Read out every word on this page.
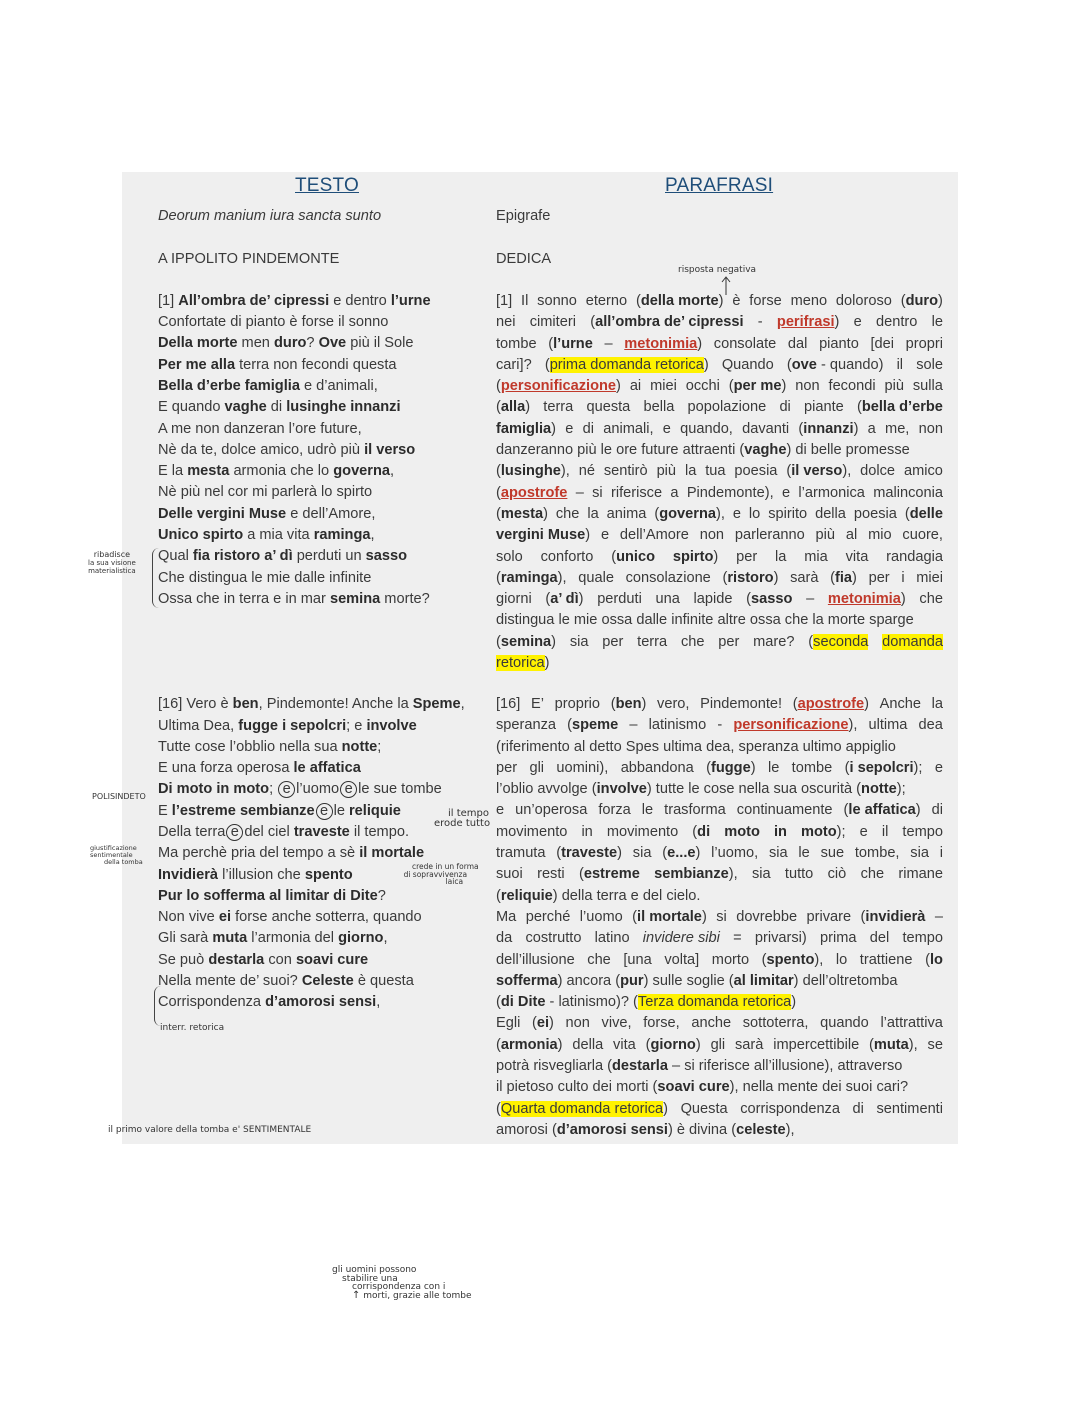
TESTO	PARAFRASI
Deorum manium iura sancta sunto
A IPPOLITO PINDEMONTE
Epigrafe
DEDICA
[1] All’ombra de’ cipressi e dentro l’urne
Confortate di pianto è forse il sonno
Della morte men duro? Ove più il Sole
Per me alla terra non fecondi questa
Bella d’erbe famiglia e d’animali,
E quando vaghe di lusinghe innanzi
A me non danzeran l’ore future,
Nè da te, dolce amico, udrò più il verso
E la mesta armonia che lo governa,
Nè più nel cor mi parlerà lo spirto
Delle vergini Muse e dell’Amore,
Unico spirto a mia vita raminga,
Qual fia ristoro a’ dì perduti un sasso
Che distingua le mie dalle infinite
Ossa che in terra e in mar semina morte?
[1] Il sonno eterno (della morte) è forse meno doloroso (duro)
nei cimiteri (all’ombra de’ cipressi - perifrasi) e dentro le
tombe (l’urne – metonimia) consolate dal pianto [dei propri
cari]? (prima domanda retorica) Quando (ove - quando) il sole
(personificazione) ai miei occhi (per me) non fecondi più sulla
(alla) terra questa bella popolazione di piante (bella d’erbe
famiglia) e di animali, e quando, davanti (innanzi) a me, non
danzeranno più le ore future attraenti (vaghe) di belle promesse
(lusinghe), né sentirò più la tua poesia (il verso), dolce amico
(apostrofe – si riferisce a Pindemonte), e l’armonica malinconia
(mesta) che la anima (governa), e lo spirito della poesia (delle
vergini Muse) e dell’Amore non parleranno più al mio cuore,
solo conforto (unico spirto) per la mia vita randagia
(raminga), quale consolazione (ristoro) sarà (fia) per i miei
giorni (a’ dì) perduti una lapide (sasso – metonimia) che
distingua le mie ossa dalle infinite altre ossa che la morte sparge
(semina) sia per terra che per mare? (seconda domanda
retorica)
[16] Vero è ben, Pindemonte! Anche la Speme,
Ultima Dea, fugge i sepolcri; e involve
Tutte cose l’obblio nella sua notte;
E una forza operosa le affatica
Di moto in moto; e l’uomo e le sue tombe
E l’estreme sembianze e le reliquie
Della terra e del ciel traveste il tempo.
Ma perchè pria del tempo a sè il mortale
Invidierà l’illusion che spento
Pur lo sofferma al limitar di Dite?
Non vive ei forse anche sotterra, quando
Gli sarà muta l’armonia del giorno,
Se può destarla con soavi cure
Nella mente de’ suoi? Celeste è questa
Corrispondenza d’amorosi sensi,
[16] E’ proprio (ben) vero, Pindemonte! (apostrofe) Anche la
speranza (speme – latinismo - personificazione), ultima dea
(riferimento al detto Spes ultima dea, speranza ultimo appiglio
per gli uomini), abbandona (fugge) le tombe (i sepolcri); e
l’oblio avvolge (involve) tutte le cose nella sua oscurità (notte);
e un’operosa forza le trasforma continuamente (le affatica) di
movimento in movimento (di moto in moto); e il tempo
tramuta (traveste) sia (e...e) l’uomo, sia le sue tombe, sia i
suoi resti (estreme sembianze), sia tutto ciò che rimane
(reliquie) della terra e del cielo.
Ma perché l’uomo (il mortale) si dovrebbe privare (invidierà –
da costrutto latino invidere sibi = privarsi) prima del tempo
dell’illusione che [una volta] morto (spento), lo trattiene (lo
sofferma) ancora (pur) sulle soglie (al limitar) dell’oltretomba
(di Dite - latinismo)? (Terza domanda retorica)
Egli (ei) non vive, forse, anche sottoterra, quando l’attrattiva
(armonia) della vita (giorno) gli sarà impercettibile (muta), se
potrà risvegliarla (destarla – si riferisce all’illusione), attraverso
il pietoso culto dei morti (soavi cure), nella mente dei suoi cari?
(Quarta domanda retorica) Questa corrispondenza di sentimenti
amorosi (d’amorosi sensi) è divina (celeste),
risposta negativa
ribadisce
la sua visione
materialistica
POLISINDETO
il tempo
erode tutto
giustificazione
sentimentale
della tomba	crede in un forma
di sopravvivenza
laica
interr. retorica
il primo valore della tomba e' SENTIMENTALE
gli uomini possono
stabilire una
corrispondenza con i
↑ morti, grazie alle tombe
